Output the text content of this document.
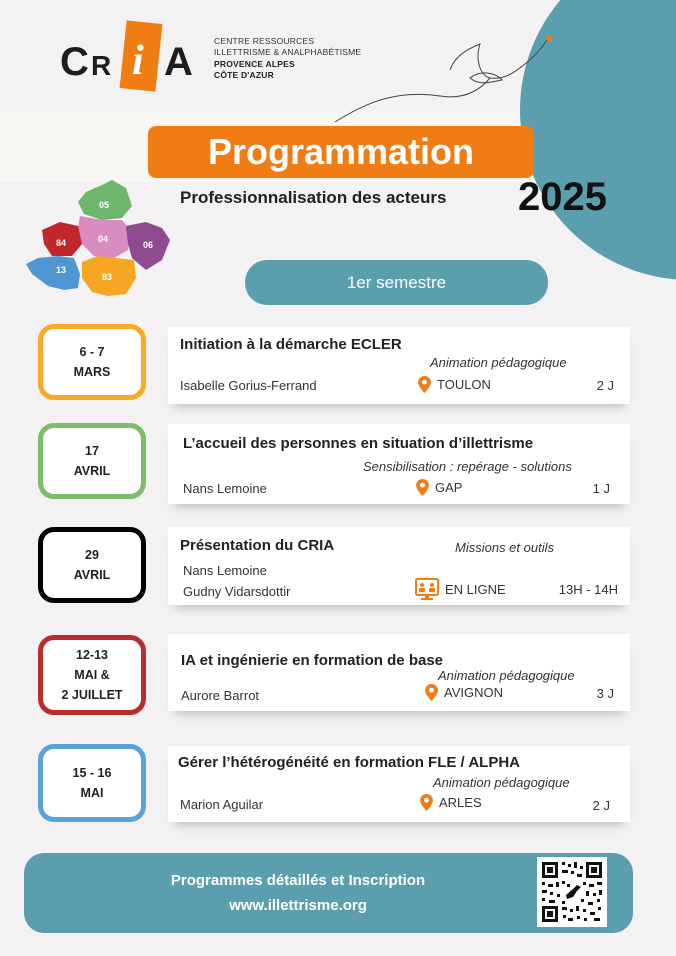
C R i A CENTRE RESSOURCES
ILLETTRISME & ANALPHABÉTISME
PROVENCE ALPES
CÔTE D'AZUR
Programmation
Professionnalisation des acteurs 2025
05
84	04
06
13
83	1er semestre
6 - 7
MARS
Initiation à la démarche ECLER
Animation pédagogique
Isabelle Gorius-Ferrand	TOULON	2 J
17
AVRIL
L’accueil des personnes en situation d’illettrisme
Sensibilisation : repérage - solutions
Nans Lemoine	GAP	1 J
29
AVRIL
Présentation du CRIA	Missions et outils
Nans Lemoine
Gudny Vidarsdottir	EN LIGNE	13H - 14H
12-13
MAI &
2 JUILLET
IA et ingénierie en formation de base
Animation pédagogique
Aurore Barrot	AVIGNON	3 J
15 - 16
MAI
Gérer l’hétérogénéité en formation FLE / ALPHA
Animation pédagogique
Marion Aguilar	ARLES	2 J
Programmes détaillés et Inscription
www.illettrisme.org
